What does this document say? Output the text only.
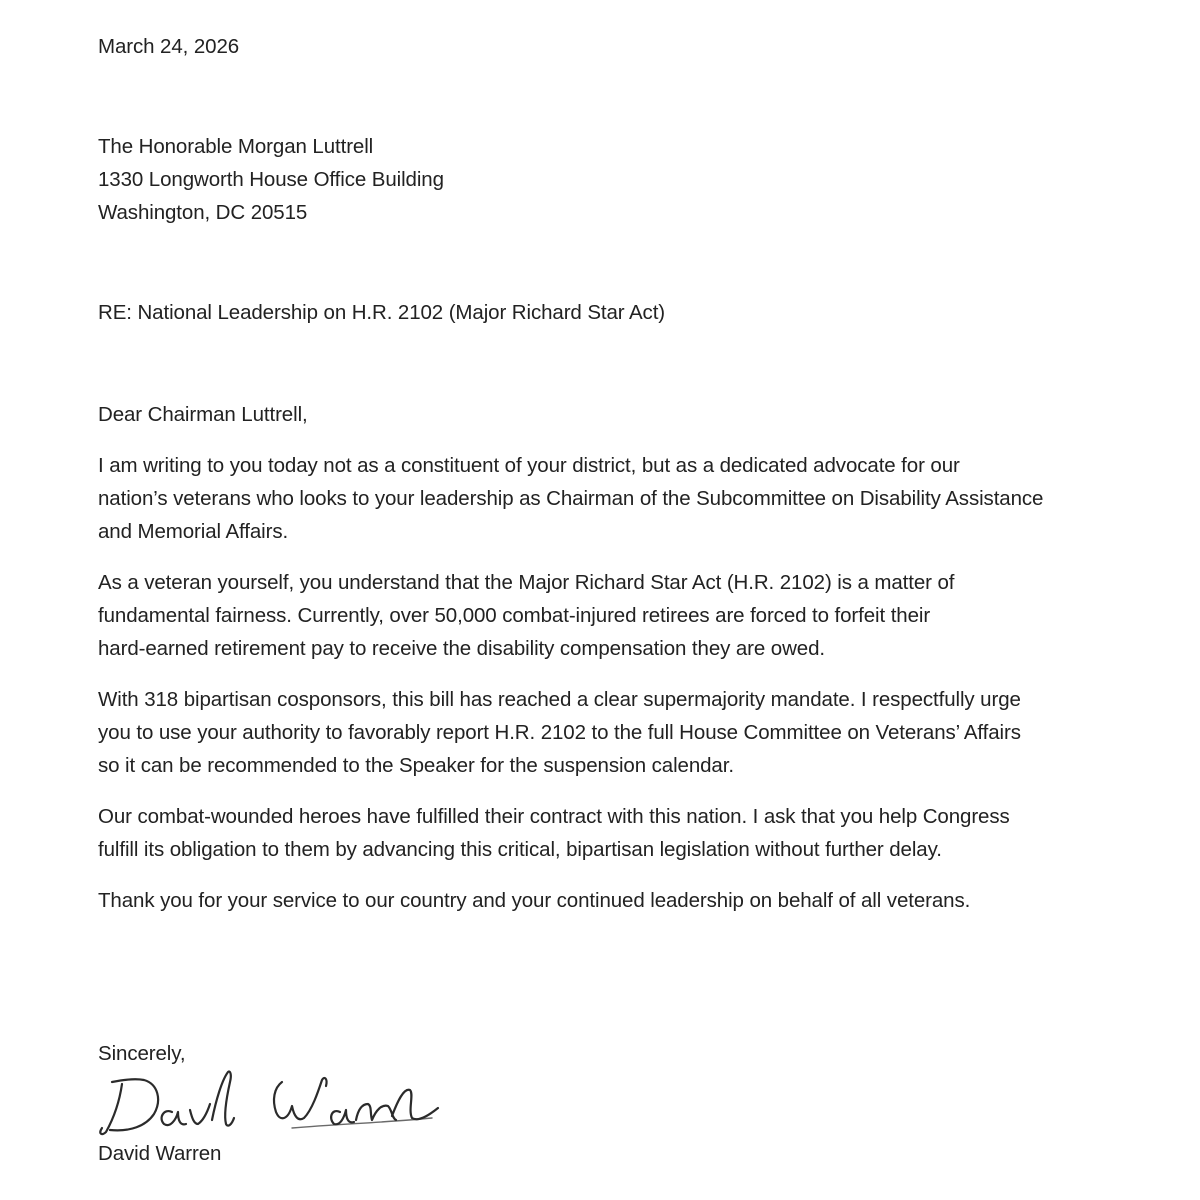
March 24, 2026

The Honorable Morgan Luttrell
1330 Longworth House Office Building
Washington, DC 20515

RE: National Leadership on H.R. 2102 (Major Richard Star Act)

Dear Chairman Luttrell,

I am writing to you today not as a constituent of your district, but as a dedicated advocate for our
nation’s veterans who looks to your leadership as Chairman of the Subcommittee on Disability Assistance
and Memorial Affairs.
As a veteran yourself, you understand that the Major Richard Star Act (H.R. 2102) is a matter of
fundamental fairness. Currently, over 50,000 combat-injured retirees are forced to forfeit their
hard-earned retirement pay to receive the disability compensation they are owed.
With 318 bipartisan cosponsors, this bill has reached a clear supermajority mandate. I respectfully urge
you to use your authority to favorably report H.R. 2102 to the full House Committee on Veterans’ Affairs
so it can be recommended to the Speaker for the suspension calendar.
Our combat-wounded heroes have fulfilled their contract with this nation. I ask that you help Congress
fulfill its obligation to them by advancing this critical, bipartisan legislation without further delay.
Thank you for your service to our country and your continued leadership on behalf of all veterans.

Sincerely,

David Warren
